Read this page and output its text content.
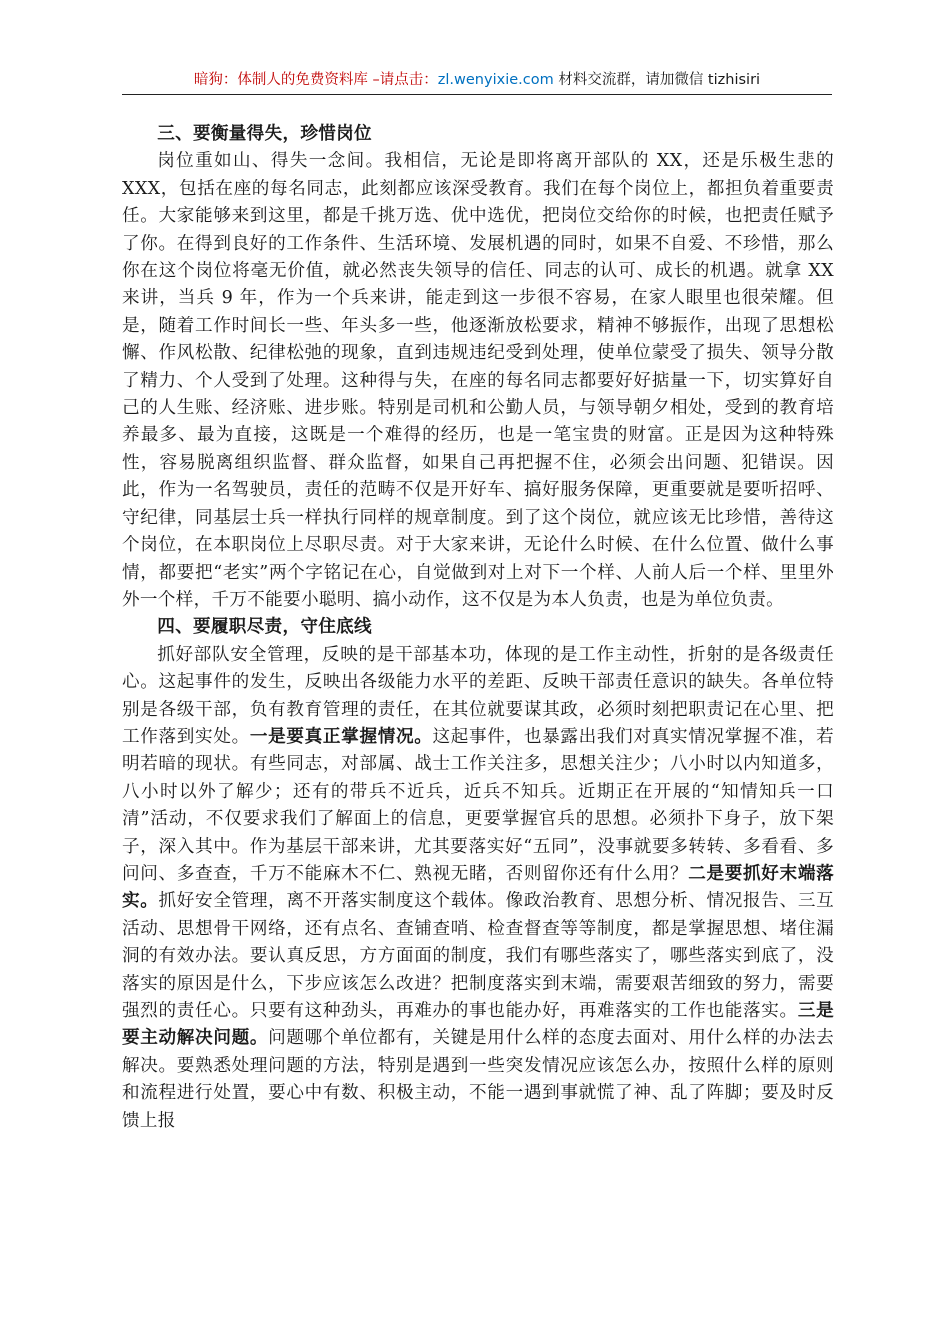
暗狗：体制人的免费资料库 –请点击：zl.wenyixie.com 材料交流群，请加微信 tizhisiri

三、要衡量得失，珍惜岗位

岗位重如山、得失一念间。我相信，无论是即将离开部队的 XX，还是乐极生悲的 XXX，包括在座的每名同志，此刻都应该深受教育。我们在每个岗位上，都担负着重要责任。大家能够来到这里，都是千挑万选、优中选优，把岗位交给你的时候，也把责任赋予了你。在得到良好的工作条件、生活环境、发展机遇的同时，如果不自爱、不珍惜，那么你在这个岗位将毫无价值，就必然丧失领导的信任、同志的认可、成长的机遇。就拿 XX 来讲，当兵 9 年，作为一个兵来讲，能走到这一步很不容易，在家人眼里也很荣耀。但是，随着工作时间长一些、年头多一些，他逐渐放松要求，精神不够振作，出现了思想松懈、作风松散、纪律松弛的现象，直到违规违纪受到处理，使单位蒙受了损失、领导分散了精力、个人受到了处理。这种得与失，在座的每名同志都要好好掂量一下，切实算好自己的人生账、经济账、进步账。特别是司机和公勤人员，与领导朝夕相处，受到的教育培养最多、最为直接，这既是一个难得的经历，也是一笔宝贵的财富。正是因为这种特殊性，容易脱离组织监督、群众监督，如果自己再把握不住，必须会出问题、犯错误。因此，作为一名驾驶员，责任的范畴不仅是开好车、搞好服务保障，更重要就是要听招呼、守纪律，同基层士兵一样执行同样的规章制度。到了这个岗位，就应该无比珍惜，善待这个岗位，在本职岗位上尽职尽责。对于大家来讲，无论什么时候、在什么位置、做什么事情，都要把“老实”两个字铭记在心，自觉做到对上对下一个样、人前人后一个样、里里外外一个样，千万不能要小聪明、搞小动作，这不仅是为本人负责，也是为单位负责。

四、要履职尽责，守住底线

抓好部队安全管理，反映的是干部基本功，体现的是工作主动性，折射的是各级责任心。这起事件的发生，反映出各级能力水平的差距、反映干部责任意识的缺失。各单位特别是各级干部，负有教育管理的责任，在其位就要谋其政，必须时刻把职责记在心里、把工作落到实处。一是要真正掌握情况。这起事件，也暴露出我们对真实情况掌握不准，若明若暗的现状。有些同志，对部属、战士工作关注多，思想关注少；八小时以内知道多，八小时以外了解少；还有的带兵不近兵，近兵不知兵。近期正在开展的“知情知兵一口清”活动，不仅要求我们了解面上的信息，更要掌握官兵的思想。必须扑下身子，放下架子，深入其中。作为基层干部来讲，尤其要落实好“五同”，没事就要多转转、多看看、多问问、多查查，千万不能麻木不仁、熟视无睹，否则留你还有什么用？二是要抓好末端落实。抓好安全管理，离不开落实制度这个载体。像政治教育、思想分析、情况报告、三互活动、思想骨干网络，还有点名、查铺查哨、检查督查等等制度，都是掌握思想、堵住漏洞的有效办法。要认真反思，方方面面的制度，我们有哪些落实了，哪些落实到底了，没落实的原因是什么，下步应该怎么改进？把制度落实到末端，需要艰苦细致的努力，需要强烈的责任心。只要有这种劲头，再难办的事也能办好，再难落实的工作也能落实。三是要主动解决问题。问题哪个单位都有，关键是用什么样的态度去面对、用什么样的办法去解决。要熟悉处理问题的方法，特别是遇到一些突发情况应该怎么办，按照什么样的原则和流程进行处置，要心中有数、积极主动，不能一遇到事就慌了神、乱了阵脚；要及时反馈上报
